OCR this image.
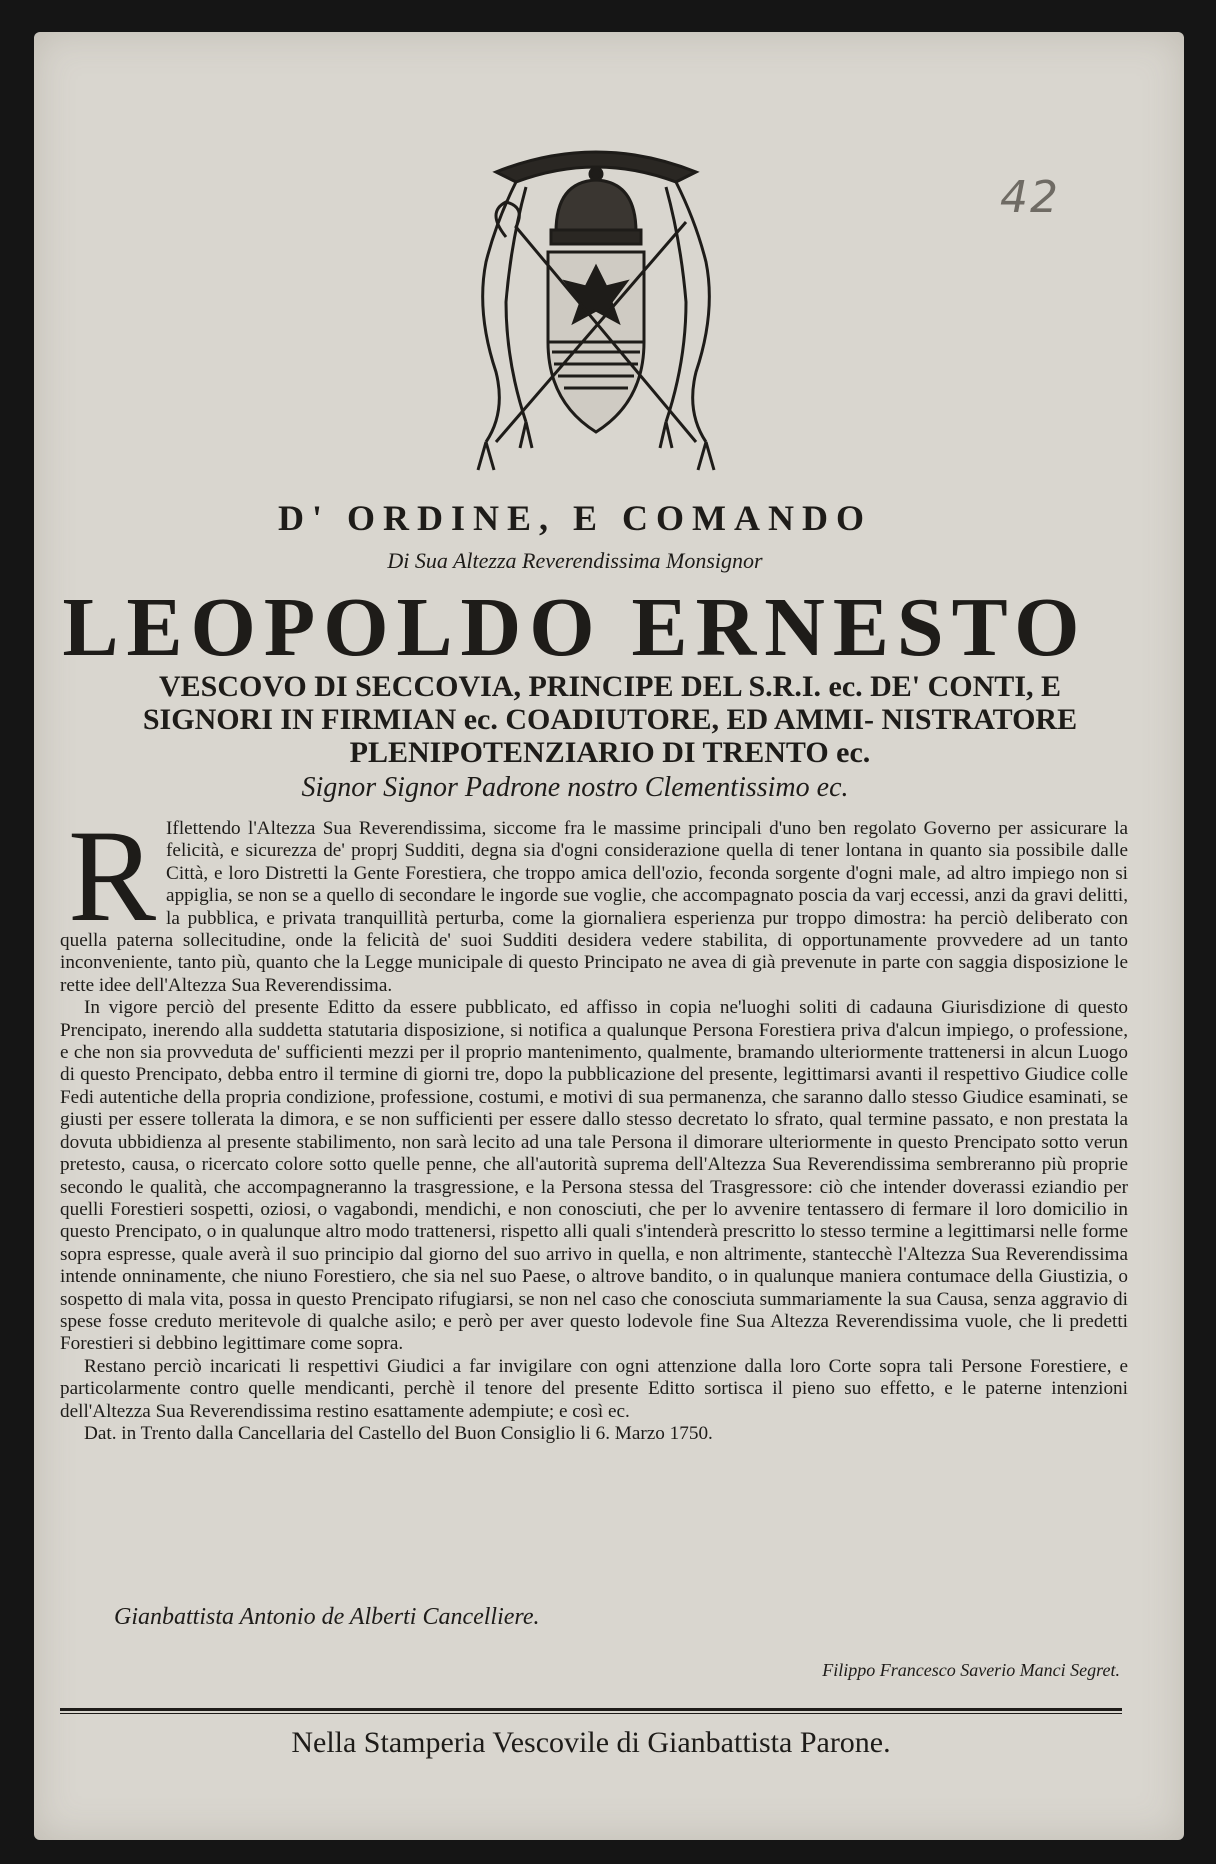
42
D' ORDINE, E COMANDO
Di Sua Altezza Reverendissima Monsignor
LEOPOLDO ERNESTO
VESCOVO DI SECCOVIA, PRINCIPE DEL S.R.I. ec. DE' CONTI, E SIGNORI IN FIRMIAN ec. COADIUTORE, ED AMMI- NISTRATORE PLENIPOTENZIARIO DI TRENTO ec.
Signor Signor Padrone nostro Clementissimo ec.

R Iflettendo l'Altezza Sua Reverendissima, siccome fra le massime principali d'uno ben regolato Governo per assicurare la felicità, e sicurezza de' proprj Sudditi, degna sia d'ogni considerazione quella di tener lontana in quanto sia possibile dalle Città, e loro Distretti la Gente Forestiera, che troppo amica dell'ozio, feconda sorgente d'ogni male, ad altro impiego non si appiglia, se non se a quello di secondare le ingorde sue voglie, che accompagnato poscia da varj eccessi, anzi da gravi delitti, la pubblica, e privata tranquillità perturba, come la giornaliera esperienza pur troppo dimostra: ha perciò deliberato con quella paterna sollecitudine, onde la felicità de' suoi Sudditi desidera vedere stabilita, di opportunamente provvedere ad un tanto inconveniente, tanto più, quanto che la Legge municipale di questo Principato ne avea di già prevenute in parte con saggia disposizione le rette idee dell'Altezza Sua Reverendissima.

In vigore perciò del presente Editto da essere pubblicato, ed affisso in copia ne'luoghi soliti di cadauna Giurisdizione di questo Prencipato, inerendo alla suddetta statutaria disposizione, si notifica a qualunque Persona Forestiera priva d'alcun impiego, o professione, e che non sia provveduta de' sufficienti mezzi per il proprio mantenimento, qualmente, bramando ulteriormente trattenersi in alcun Luogo di questo Prencipato, debba entro il termine di giorni tre, dopo la pubblicazione del presente, legittimarsi avanti il respettivo Giudice colle Fedi autentiche della propria condizione, professione, costumi, e motivi di sua permanenza, che saranno dallo stesso Giudice esaminati, se giusti per essere tollerata la dimora, e se non sufficienti per essere dallo stesso decretato lo sfrato, qual termine passato, e non prestata la dovuta ubbidienza al presente stabilimento, non sarà lecito ad una tale Persona il dimorare ulteriormente in questo Prencipato sotto verun pretesto, causa, o ricercato colore sotto quelle penne, che all'autorità suprema dell'Altezza Sua Reverendissima sembreranno più proprie secondo le qualità, che accompagneranno la trasgressione, e la Persona stessa del Trasgressore: ciò che intender doverassi eziandio per quelli Forestieri sospetti, oziosi, o vagabondi, mendichi, e non conosciuti, che per lo avvenire tentassero di fermare il loro domicilio in questo Prencipato, o in qualunque altro modo trattenersi, rispetto alli quali s'intenderà prescritto lo stesso termine a legittimarsi nelle forme sopra espresse, quale averà il suo principio dal giorno del suo arrivo in quella, e non altrimente, stantecchè l'Altezza Sua Reverendissima intende onninamente, che niuno Forestiero, che sia nel suo Paese, o altrove bandito, o in qualunque maniera contumace della Giustizia, o sospetto di mala vita, possa in questo Prencipato rifugiarsi, se non nel caso che conosciuta summariamente la sua Causa, senza aggravio di spese fosse creduto meritevole di qualche asilo; e però per aver questo lodevole fine Sua Altezza Reverendissima vuole, che li predetti Forestieri si debbino legittimare come sopra.

Restano perciò incaricati li respettivi Giudici a far invigilare con ogni attenzione dalla loro Corte sopra tali Persone Forestiere, e particolarmente contro quelle mendicanti, perchè il tenore del presente Editto sortisca il pieno suo effetto, e le paterne intenzioni dell'Altezza Sua Reverendissima restino esattamente adempiute; e così ec.

Dat. in Trento dalla Cancellaria del Castello del Buon Consiglio li 6. Marzo 1750.

Gianbattista Antonio de Alberti Cancelliere.
Filippo Francesco Saverio Manci Segret.
Nella Stamperia Vescovile di Gianbattista Parone.
